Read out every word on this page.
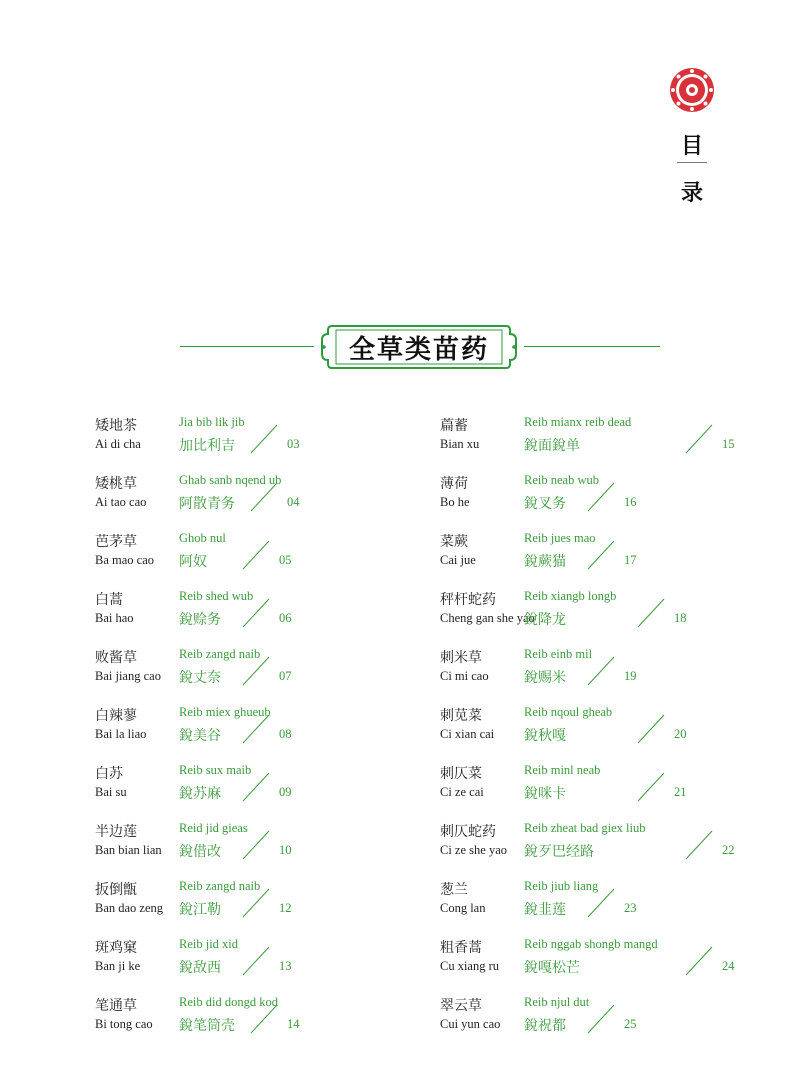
目
录
全草类苗药
矮地茶
Ai di cha
Jia bib lik jib
加比利吉	03
矮桃草
Ai tao cao
Ghab sanb nqend ub
阿散青务	04
芭茅草
Ba mao cao
Ghob nul
阿奴	05
白蒿
Bai hao
Reib shed wub
銳赊务	06
败酱草
Bai jiang cao
Reib zangd naib
銳丈奈	07
白辣蓼
Bai la liao
Reib miex ghueub
銳美谷	08
白苏
Bai su
Reib sux maib
銳苏麻	09
半边莲
Ban bian lian
Reid jid gieas
銳借改	10
扳倒甑
Ban dao zeng
Reib zangd naib
銳江勒	12
斑鸡窠
Ban ji ke
Reib jid xid
銳敌西	13
笔通草
Bi tong cao
Reib did dongd kod
銳笔筒壳	14
萹蓄
Bian xu
Reib mianx reib dead
銳面銳单	15
薄荷
Bo he
Reib neab wub
銳叉务	16
菜蕨
Cai jue
Reib jues mao
銳蕨猫	17
秤杆蛇药
Cheng gan she yao
Reib xiangb longb
銳降龙	18
刺米草
Ci mi cao
Reib einb mil
銳赐米	19
刺苋菜
Ci xian cai
Reib nqoul gheab
銳秋嘎	20
刺仄菜
Ci ze cai
Reib minl neab
銳咪卡	21
刺仄蛇药
Ci ze she yao
Reib zheat bad giex liub
銳歹巴经路	22
葱兰
Cong lan
Reib jiub liang
銳韭莲	23
粗香蒿
Cu xiang ru
Reib nggab shongb mangd
銳嘎松芒	24
翠云草
Cui yun cao
Reib njul dut
銳祝都	25
